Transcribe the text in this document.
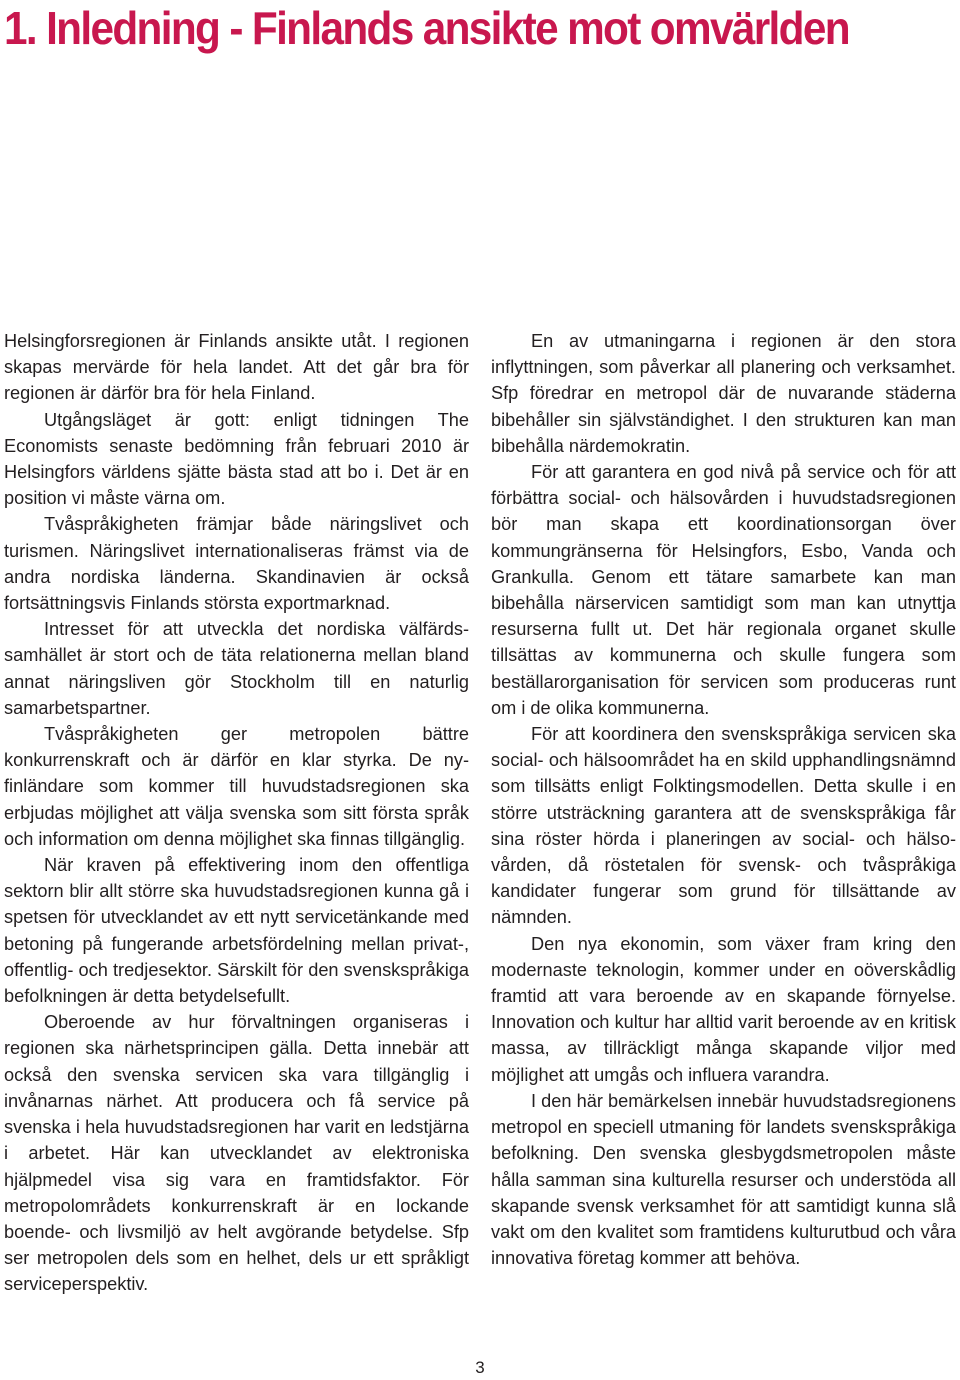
1. Inledning - Finlands ansikte mot omvärlden

Helsingforsregionen är Finlands ansikte utåt. I regionen skapas mervärde för hela landet. Att det går bra för regionen är därför bra för hela Finland.

Utgångsläget är gott: enligt tidningen The Economists senaste bedömning från februari 2010 är Helsingfors världens sjätte bästa stad att bo i. Det är en position vi måste värna om.

Tvåspråkigheten främjar både näringslivet och turismen. Näringslivet internationaliseras främst via de andra nordiska länderna. Skandinavien är också fortsättningsvis Finlands största exportmarknad.

Intresset för att utveckla det nordiska välfärdssamhället är stort och de täta relationerna mellan bland annat näringsliven gör Stockholm till en naturlig samarbetspartner.

Tvåspråkigheten ger metropolen bättre konkurrenskraft och är därför en klar styrka. De nyfinländare som kommer till huvudstadsregionen ska erbjudas möjlighet att välja svenska som sitt första språk och information om denna möjlighet ska finnas tillgänglig.

När kraven på effektivering inom den offentliga sektorn blir allt större ska huvudstadsregionen kunna gå i spetsen för utvecklandet av ett nytt servicetänkande med betoning på fungerande arbetsfördelning mellan privat-, offentlig- och tredjesektor. Särskilt för den svenskspråkiga befolkningen är detta betydelsefullt.

Oberoende av hur förvaltningen organiseras i regionen ska närhetsprincipen gälla. Detta innebär att också den svenska servicen ska vara tillgänglig i invånarnas närhet. Att producera och få service på svenska i hela huvudstadsregionen har varit en ledstjärna i arbetet. Här kan utvecklandet av elektroniska hjälpmedel visa sig vara en framtidsfaktor. För metropolområdets konkurrenskraft är en lockande boende- och livsmiljö av helt avgörande betydelse. Sfp ser metropolen dels som en helhet, dels ur ett språkligt serviceperspektiv.

En av utmaningarna i regionen är den stora inflyttningen, som påverkar all planering och verksamhet. Sfp föredrar en metropol där de nuvarande städerna bibehåller sin självständighet. I den strukturen kan man bibehålla närdemokratin.

För att garantera en god nivå på service och för att förbättra social- och hälsovården i huvudstadsregionen bör man skapa ett koordinationsorgan över kommungränserna för Helsingfors, Esbo, Vanda och Grankulla. Genom ett tätare samarbete kan man bibehålla närservicen samtidigt som man kan utnyttja resurserna fullt ut. Det här regionala organet skulle tillsättas av kommunerna och skulle fungera som beställarorganisation för servicen som produceras runt om i de olika kommunerna.

För att koordinera den svenskspråkiga servicen ska social- och hälsoområdet ha en skild upphandlingsnämnd som tillsätts enligt Folktingsmodellen. Detta skulle i en större utsträckning garantera att de svenskspråkiga får sina röster hörda i planeringen av social- och hälsovården, då röstetalen för svensk- och tvåspråkiga kandidater fungerar som grund för tillsättande av nämnden.

Den nya ekonomin, som växer fram kring den modernaste teknologin, kommer under en oöverskådlig framtid att vara beroende av en skapande förnyelse. Innovation och kultur har alltid varit beroende av en kritisk massa, av tillräckligt många skapande viljor med möjlighet att umgås och influera varandra.

I den här bemärkelsen innebär huvudstadsregionens metropol en speciell utmaning för landets svenskspråkiga befolkning. Den svenska glesbygdsmetropolen måste hålla samman sina kulturella resurser och understöda all skapande svensk verksamhet för att samtidigt kunna slå vakt om den kvalitet som framtidens kulturutbud och våra innovativa företag kommer att behöva.

3
